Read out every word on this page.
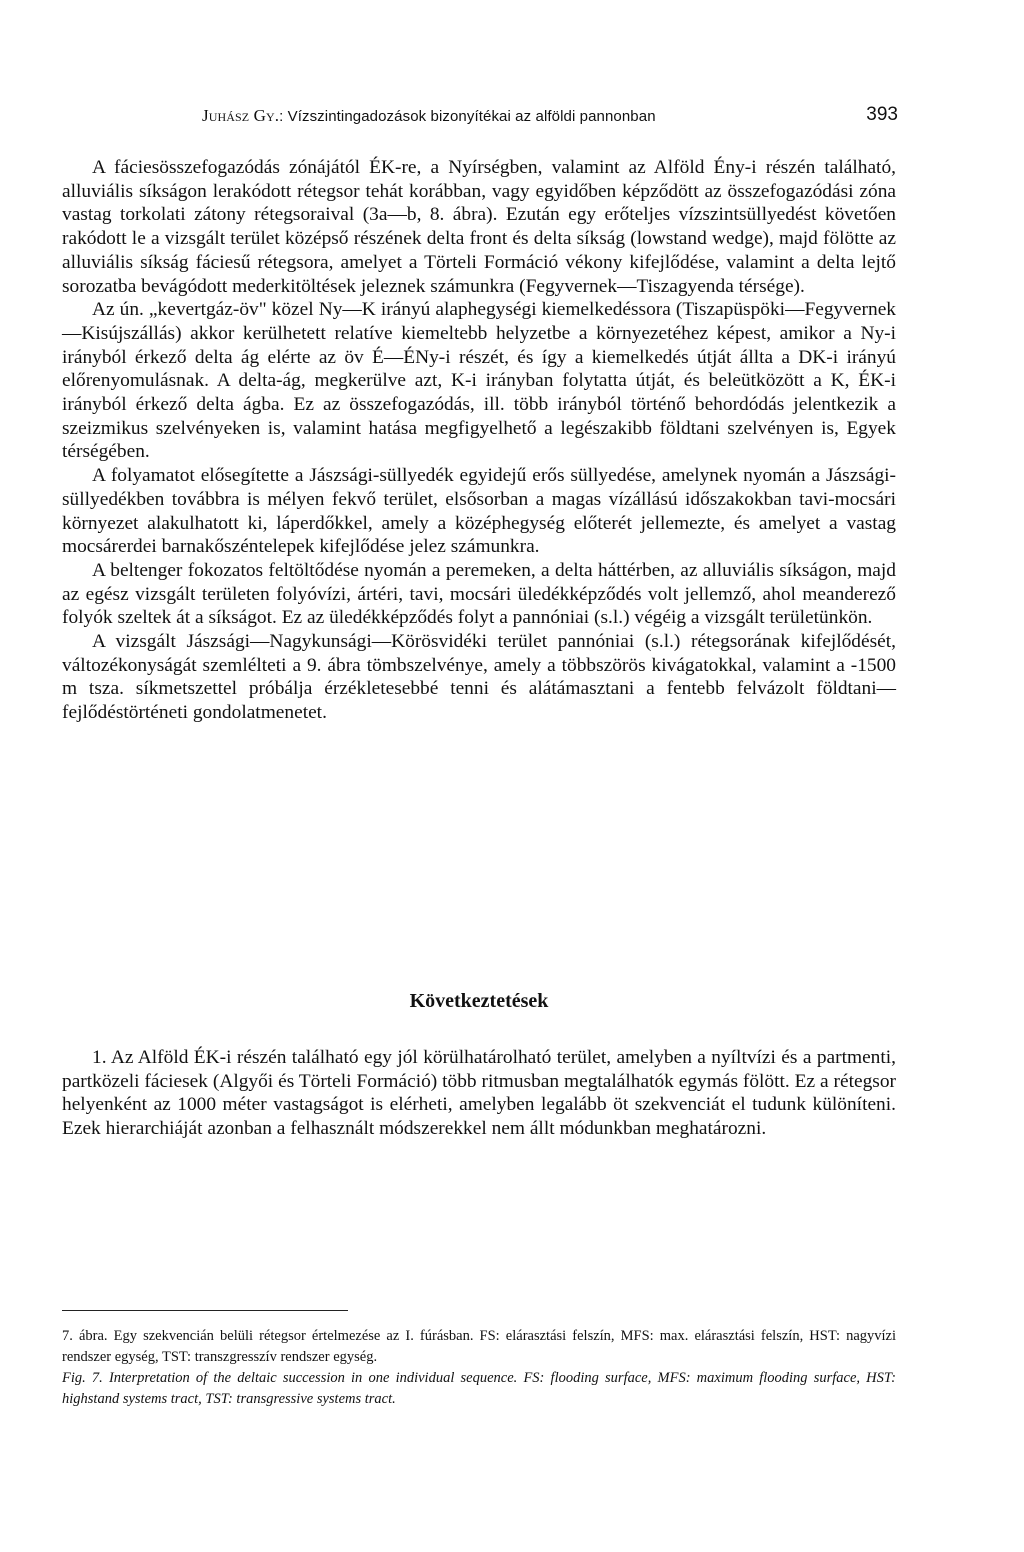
Juhász Gy.: Vízszintingadozások bizonyítékai az alföldi pannonban	393

A fáciesösszefogazódás zónájától ÉK-re, a Nyírségben, valamint az Alföld Ény-i részén található, alluviális síkságon lerakódott rétegsor tehát korábban, vagy egyidőben képződött az összefogazódási zóna vastag torkolati zátony rétegsoraival (3a—b, 8. ábra). Ezután egy erőteljes vízszintsüllyedést követően rakódott le a vizsgált terület középső részének delta front és delta síkság (lowstand wedge), majd fölötte az alluviális síkság fáciesű rétegsora, amelyet a Törteli Formáció vékony kifejlődése, valamint a delta lejtő sorozatba bevágódott mederkitöltések jeleznek számunkra (Fegyvernek—Tiszagyenda térsége).

Az ún. „kevertgáz-öv" közel Ny—K irányú alaphegységi kiemelkedéssora (Tiszapüspöki—Fegyvernek—Kisújszállás) akkor kerülhetett relatíve kiemeltebb helyzetbe a környezetéhez képest, amikor a Ny-i irányból érkező delta ág elérte az öv É—ÉNy-i részét, és így a kiemelkedés útját állta a DK-i irányú előrenyomulásnak. A delta-ág, megkerülve azt, K-i irányban folytatta útját, és beleütközött a K, ÉK-i irányból érkező delta ágba. Ez az összefogazódás, ill. több irányból történő behordódás jelentkezik a szeizmikus szelvényeken is, valamint hatása megfigyelhető a legészakibb földtani szelvényen is, Egyek térségében.

A folyamatot elősegítette a Jászsági-süllyedék egyidejű erős süllyedése, amelynek nyomán a Jászsági-süllyedékben továbbra is mélyen fekvő terület, elsősorban a magas vízállású időszakokban tavi-mocsári környezet alakulhatott ki, láperdőkkel, amely a középhegység előterét jellemezte, és amelyet a vastag mocsárerdei barnakőszéntelepek kifejlődése jelez számunkra.

A beltenger fokozatos feltöltődése nyomán a peremeken, a delta háttérben, az alluviális síkságon, majd az egész vizsgált területen folyóvízi, ártéri, tavi, mocsári üledékképződés volt jellemző, ahol meanderező folyók szeltek át a síkságot. Ez az üledékképződés folyt a pannóniai (s.l.) végéig a vizsgált területünkön.

A vizsgált Jászsági—Nagykunsági—Körösvidéki terület pannóniai (s.l.) rétegsorának kifejlődését, változékonyságát szemlélteti a 9. ábra tömbszelvénye, amely a többszörös kivágatokkal, valamint a -1500 m tsza. síkmetszettel próbálja érzékletesebbé tenni és alátámasztani a fentebb felvázolt földtani—fejlődéstörténeti gondolatmenetet.

Következtetések

1. Az Alföld ÉK-i részén található egy jól körülhatárolható terület, amelyben a nyíltvízi és a partmenti, partközeli fáciesek (Algyői és Törteli Formáció) több ritmusban megtalálhatók egymás fölött. Ez a rétegsor helyenként az 1000 méter vastagságot is elérheti, amelyben legalább öt szekvenciát el tudunk különíteni. Ezek hierarchiáját azonban a felhasznált módszerekkel nem állt módunkban meghatározni.

7. ábra. Egy szekvencián belüli rétegsor értelmezése az I. fúrásban. FS: elárasztási felszín, MFS: max. elárasztási felszín, HST: nagyvízi rendszer egység, TST: transzgresszív rendszer egység.

Fig. 7. Interpretation of the deltaic succession in one individual sequence. FS: flooding surface, MFS: maximum flooding surface, HST: highstand systems tract, TST: transgressive systems tract.
